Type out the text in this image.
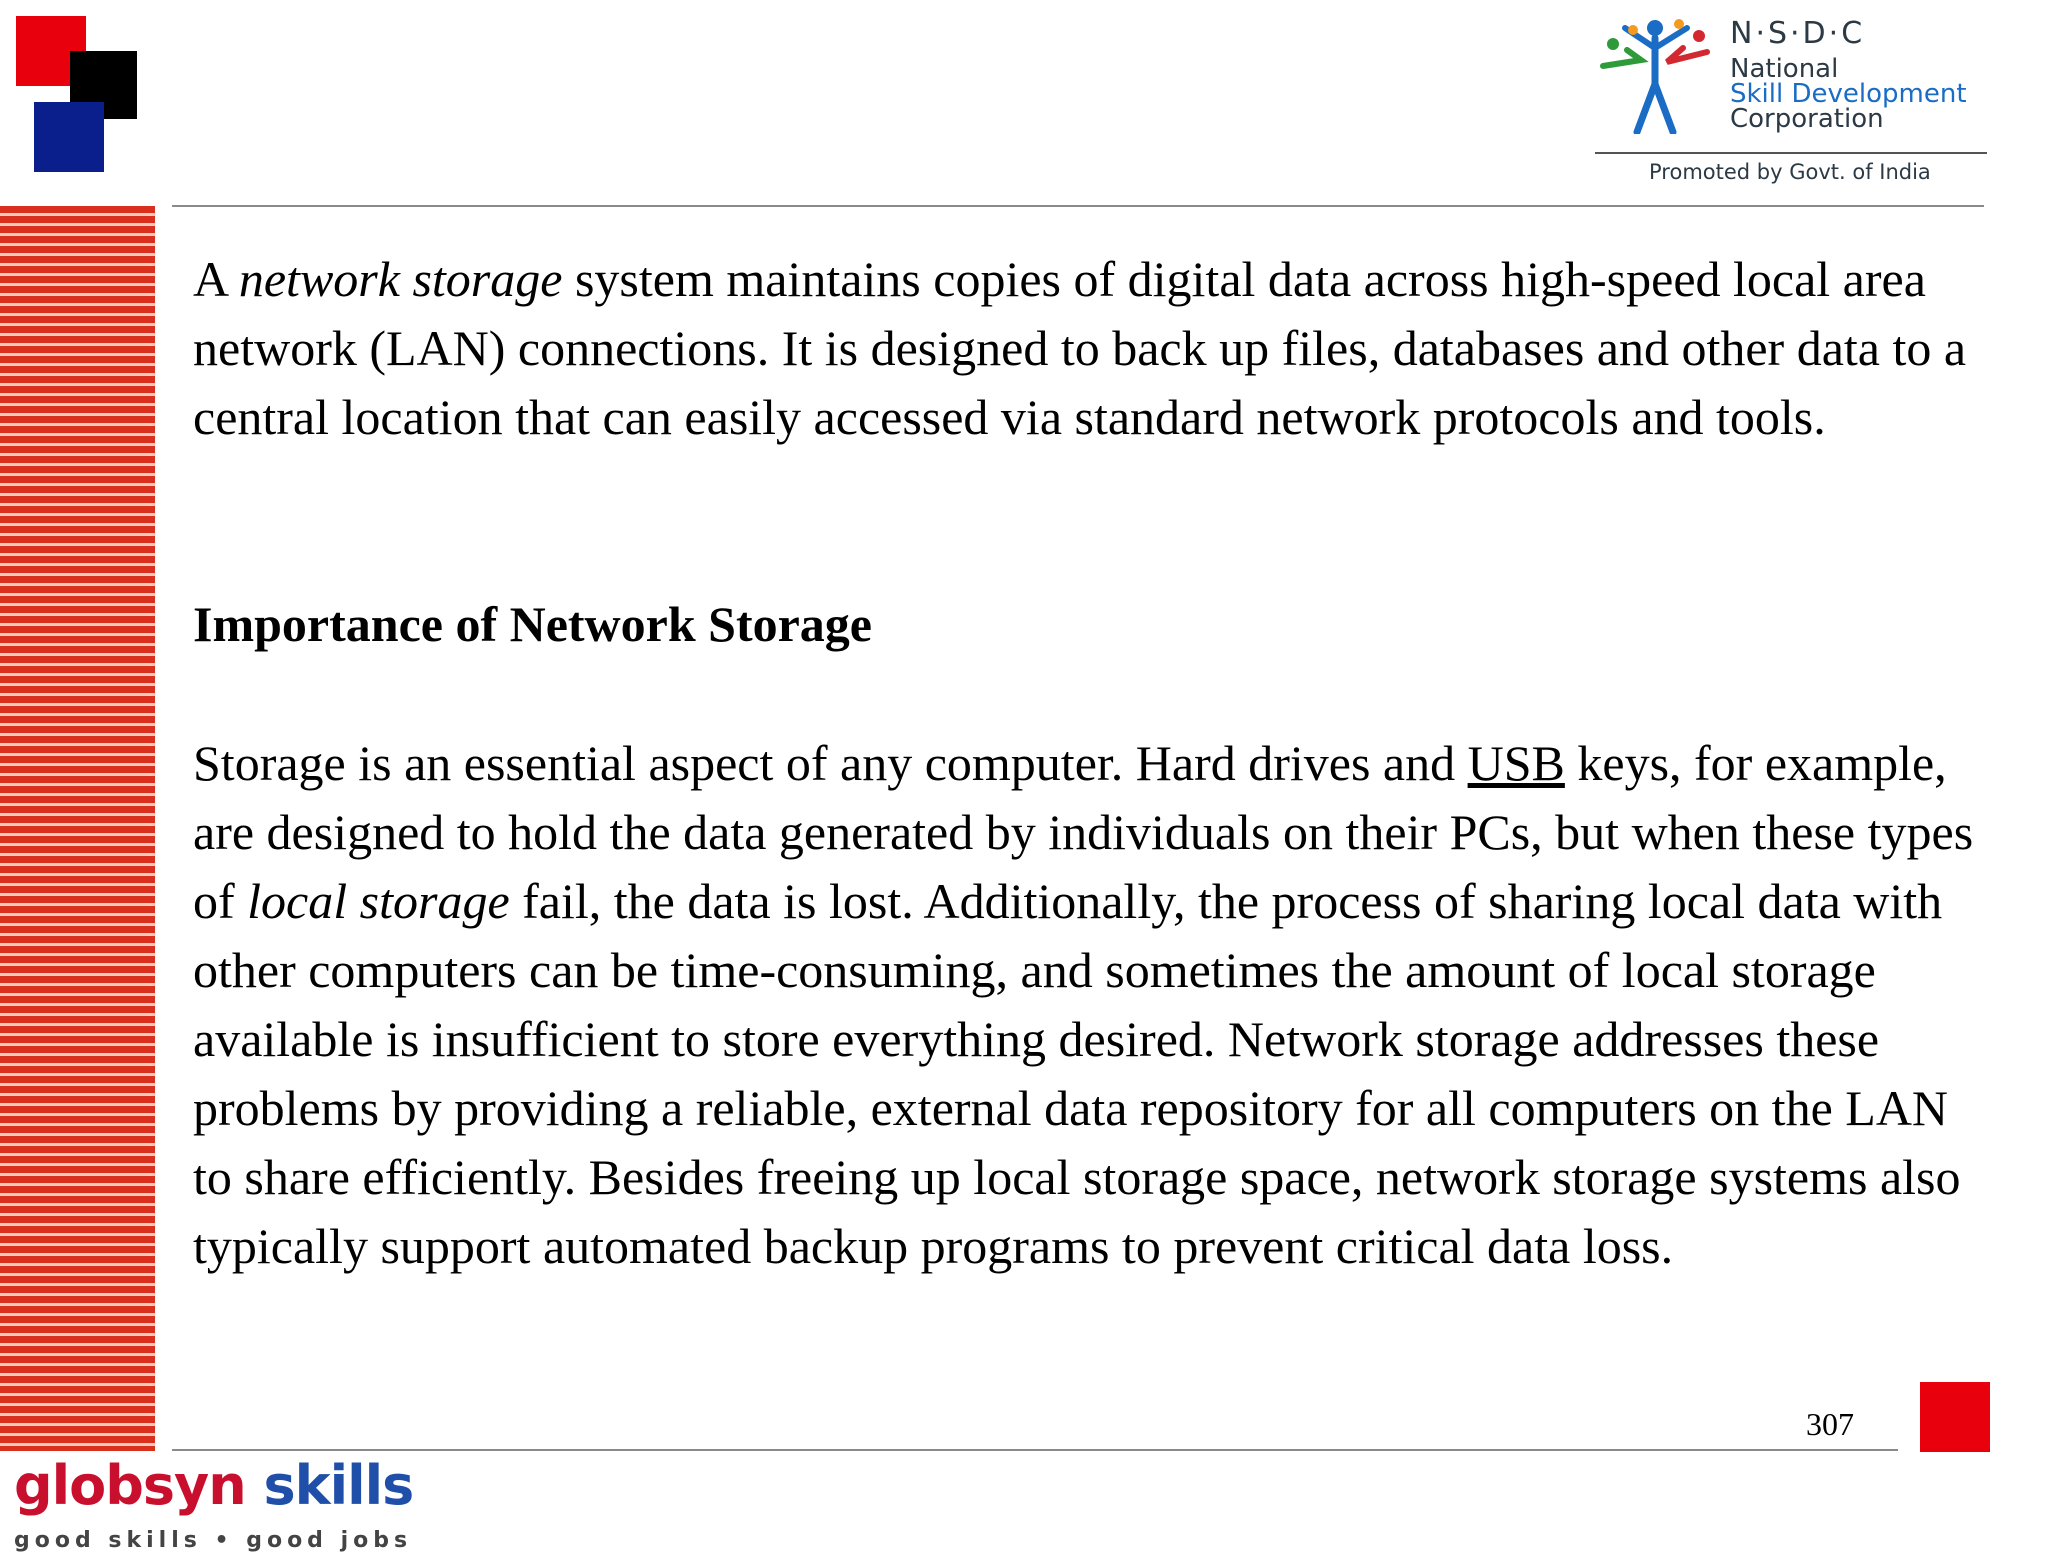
N·S·D·C
National
Skill Development
Corporation
Promoted by Govt. of India

A network storage system maintains copies of digital data across high-speed local area network (LAN) connections. It is designed to back up files, databases and other data to a central location that can easily accessed via standard network protocols and tools.

Importance of Network Storage

Storage is an essential aspect of any computer. Hard drives and USB keys, for example, are designed to hold the data generated by individuals on their PCs, but when these types of local storage fail, the data is lost. Additionally, the process of sharing local data with other computers can be time-consuming, and sometimes the amount of local storage available is insufficient to store everything desired. Network storage addresses these problems by providing a reliable, external data repository for all computers on the LAN to share efficiently. Besides freeing up local storage space, network storage systems also typically support automated backup programs to prevent critical data loss.

307
globsyn skills
good skills • good jobs
